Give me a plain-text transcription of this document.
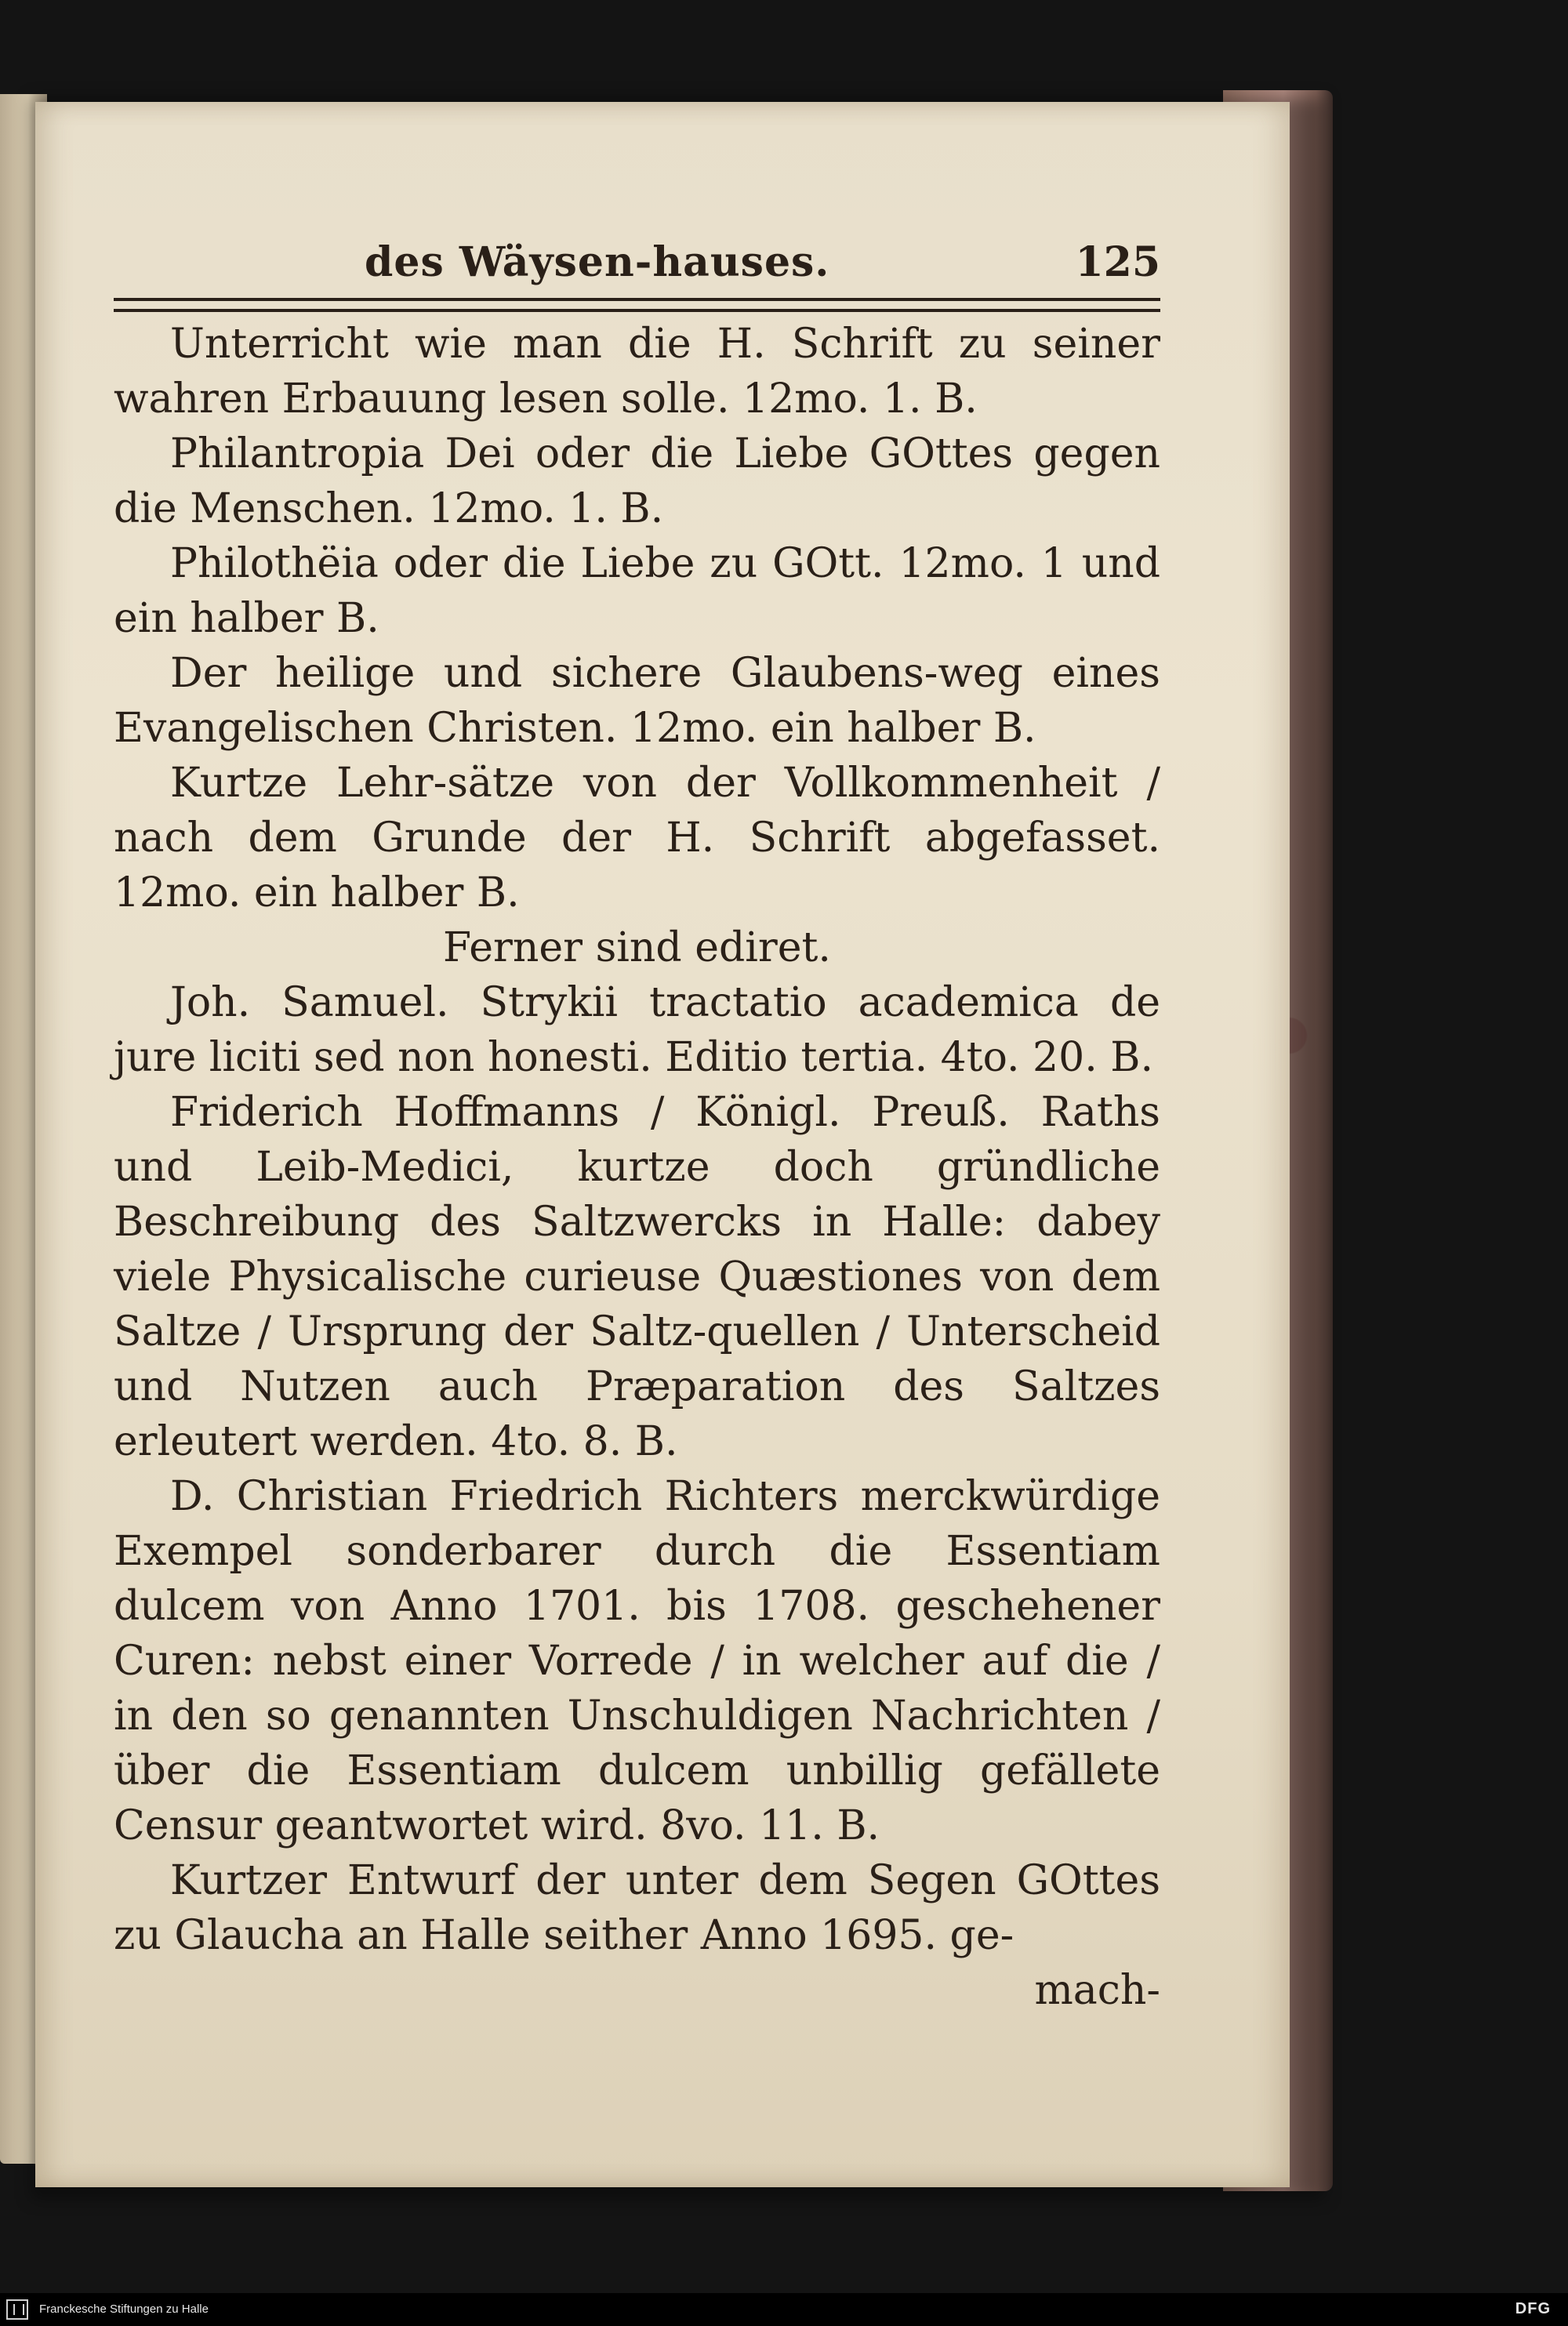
des Wäysen-hauses.	125

Unterricht wie man die H. Schrift zu seiner wahren Erbauung lesen solle. 12mo. 1. B.

Philantropia Dei oder die Liebe GOttes gegen die Menschen. 12mo. 1. B.

Philothëia oder die Liebe zu GOtt. 12mo. 1 und ein halber B.

Der heilige und sichere Glaubens-weg eines Evangelischen Christen. 12mo. ein halber B.

Kurtze Lehr-sätze von der Vollkommenheit / nach dem Grunde der H. Schrift abgefasset. 12mo. ein halber B.

Ferner sind ediret.

Joh. Samuel. Strykii tractatio academica de jure liciti sed non honesti. Editio tertia. 4to. 20. B.

Friderich Hoffmanns / Königl. Preuß. Raths und Leib-Medici, kurtze doch gründliche Beschreibung des Saltzwercks in Halle: dabey viele Physicalische curieuse Quæstiones von dem Saltze / Ursprung der Saltz-quellen / Unterscheid und Nutzen auch Præparation des Saltzes erleutert werden. 4to. 8. B.

D. Christian Friedrich Richters merckwürdige Exempel sonderbarer durch die Essentiam dulcem von Anno 1701. bis 1708. geschehener Curen: nebst einer Vorrede / in welcher auf die / in den so genannten Unschuldigen Nachrichten / über die Essentiam dulcem unbillig gefällete Censur geantwortet wird. 8vo. 11. B.

Kurtzer Entwurf der unter dem Segen GOttes zu Glaucha an Halle seither Anno 1695. ge-

mach-
Franckesche Stiftungen zu Halle	DFG
